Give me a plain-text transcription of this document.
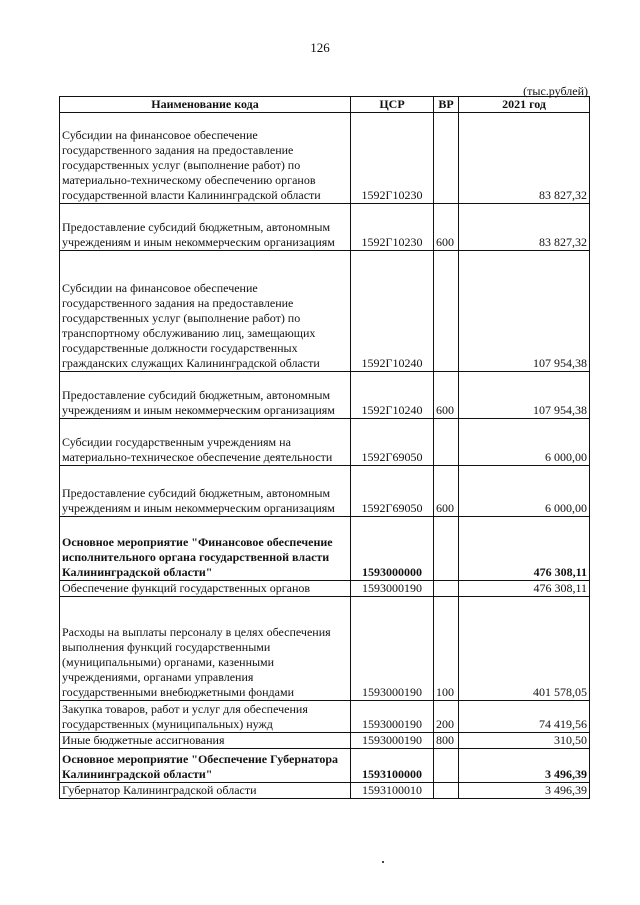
126
(тыс.рублей)
Наименование кода	ЦСР	ВР	2021 год
Субсидии на финансовое обеспечение государственного задания на предоставление государственных услуг (выполнение работ) по материально-техническому обеспечению органов государственной власти Калининградской области	1592Г10230		83 827,32
Предоставление субсидий бюджетным, автономным учреждениям и иным некоммерческим организациям	1592Г10230	600	83 827,32
Субсидии на финансовое обеспечение государственного задания на предоставление государственных услуг (выполнение работ) по транспортному обслуживанию лиц, замещающих государственные должности государственных гражданских служащих Калининградской области	1592Г10240		107 954,38
Предоставление субсидий бюджетным, автономным учреждениям и иным некоммерческим организациям	1592Г10240	600	107 954,38
Субсидии государственным учреждениям на материально-техническое обеспечение деятельности	1592Г69050		6 000,00
Предоставление субсидий бюджетным, автономным учреждениям и иным некоммерческим организациям	1592Г69050	600	6 000,00
Основное мероприятие "Финансовое обеспечение исполнительного органа государственной власти Калининградской области"	1593000000		476 308,11
Обеспечение функций государственных органов	1593000190		476 308,11
Расходы на выплаты персоналу в целях обеспечения выполнения функций государственными (муниципальными) органами, казенными учреждениями, органами управления государственными внебюджетными фондами	1593000190	100	401 578,05
Закупка товаров, работ и услуг для обеспечения государственных (муниципальных) нужд	1593000190	200	74 419,56
Иные бюджетные ассигнования	1593000190	800	310,50
Основное мероприятие "Обеспечение Губернатора Калининградской области"	1593100000		3 496,39
Губернатор Калининградской области	1593100010		3 496,39
